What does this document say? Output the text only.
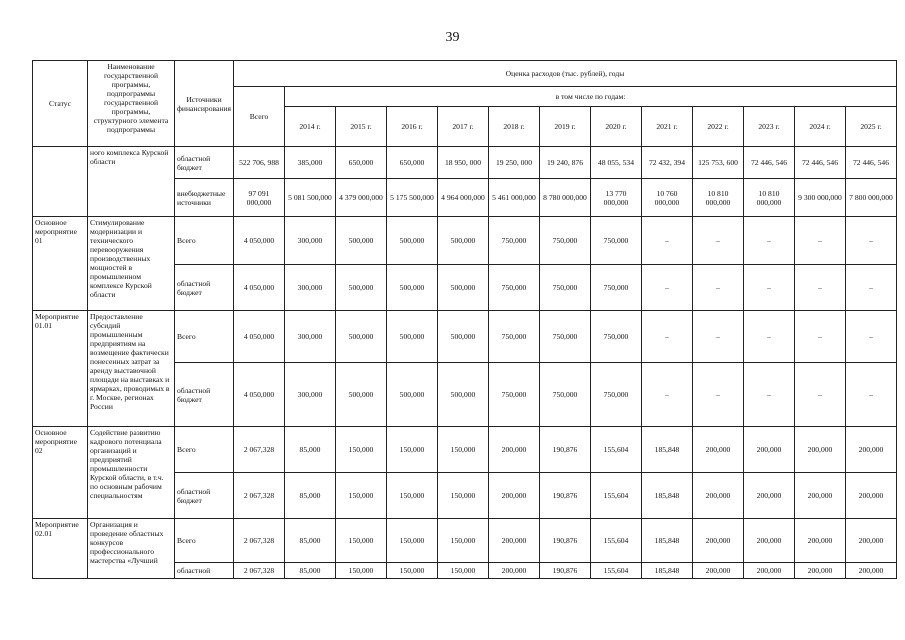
39
Статус	Наименование государственной программы, подпрограммы государственной программы, структурного элемента подпрограммы	Источники финансирования	Оценка расходов (тыс. рублей), годы												
			Всего	в том числе по годам:											
				2014 г.	2015 г.	2016 г.	2017 г.	2018 г.	2019 г.	2020 г.	2021 г.	2022 г.	2023 г.	2024 г.	2025 г.
	ного комплекса Курской области	областной бюджет	522 706, 988	385,000	650,000	650,000	18 950, 000	19 250, 000	19 240, 876	48 055, 534	72 432, 394	125 753, 600	72 446, 546	72 446, 546	72 446, 546
		внебюджетные источники	97 091 000,000	5 081 500,000	4 379 000,000	5 175 500,000	4 964 000,000	5 461 000,000	8 780 000,000	13 770 000,000	10 760 000,000	10 810 000,000	10 810 000,000	9 300 000,000	7 800 000,000
Основное мероприятие 01	Стимулирование модернизации и технического перевооружения производственных мощностей в промышленном комплексе Курской области	Всего	4 050,000	300,000	500,000	500,000	500,000	750,000	750,000	750,000	–	–	–	–	–
		областной бюджет	4 050,000	300,000	500,000	500,000	500,000	750,000	750,000	750,000	–	–	–	–	–
Мероприятие 01.01	Предоставление субсидий промышленным предприятиям на возмещение фактически понесенных затрат за аренду выставочной площади на выставках и ярмарках, проводимых в г. Москве, регионах России	Всего	4 050,000	300,000	500,000	500,000	500,000	750,000	750,000	750,000	–	–	–	–	–
		областной бюджет	4 050,000	300,000	500,000	500,000	500,000	750,000	750,000	750,000	–	–	–	–	–
Основное мероприятие 02	Содействие развитию кадрового потенциала организаций и предприятий промышленности Курской области, в т.ч. по основным рабочим специальностям	Всего	2 067,328	85,000	150,000	150,000	150,000	200,000	190,876	155,604	185,848	200,000	200,000	200,000	200,000
		областной бюджет	2 067,328	85,000	150,000	150,000	150,000	200,000	190,876	155,604	185,848	200,000	200,000	200,000	200,000
Мероприятие 02.01	Организация и проведение областных конкурсов профессионального мастерства «Лучший	Всего	2 067,328	85,000	150,000	150,000	150,000	200,000	190,876	155,604	185,848	200,000	200,000	200,000	200,000
		областной	2 067,328	85,000	150,000	150,000	150,000	200,000	190,876	155,604	185,848	200,000	200,000	200,000	200,000
